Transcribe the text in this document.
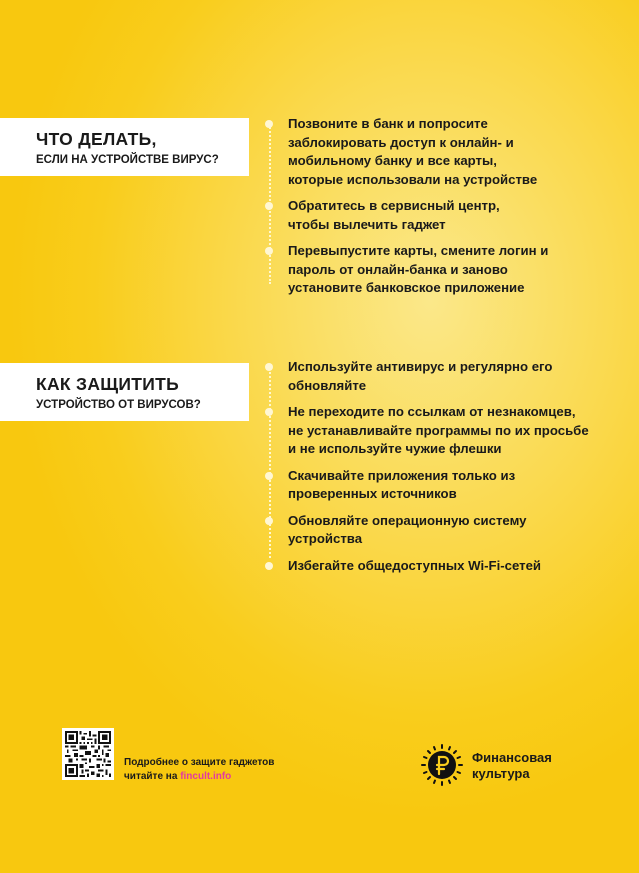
ЧТО ДЕЛАТЬ,
ЕСЛИ НА УСТРОЙСТВЕ ВИРУС?
Позвоните в банк и попросите заблокировать доступ к онлайн- и мобильному банку и все карты, которые использовали на устройстве
Обратитесь в сервисный центр, чтобы вылечить гаджет
Перевыпустите карты, смените логин и пароль от онлайн-банка и заново установите банковское приложение
КАК ЗАЩИТИТЬ
УСТРОЙСТВО ОТ ВИРУСОВ?
Используйте антивирус и регулярно его обновляйте
Не переходите по ссылкам от незнакомцев, не устанавливайте программы по их просьбе и не используйте чужие флешки
Скачивайте приложения только из проверенных источников
Обновляйте операционную систему устройства
Избегайте общедоступных Wi-Fi-сетей
Подробнее о защите гаджетов
читайте на fincult.info
Финансовая
культура
